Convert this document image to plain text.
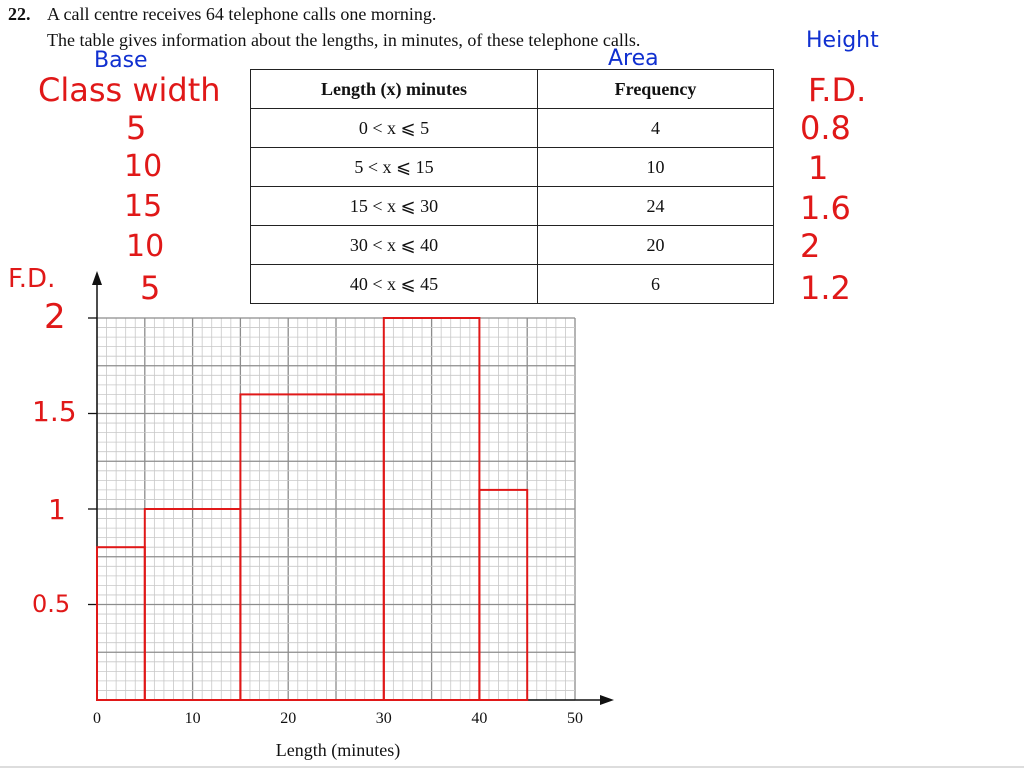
22. A call centre receives 64 telephone calls one morning.
The table gives information about the lengths, in minutes, of these telephone calls.
Length (x) minutes	Frequency
0 < x ⩽ 5	4
5 < x ⩽ 15	10
15 < x ⩽ 30	24
30 < x ⩽ 40	20
40 < x ⩽ 45	6
Base
Class width
5
10
15
10
5
Area
Height
F.D.
0.8
1
1.6
2
1.2
F.D.
2
1.5
1
0.5
0	10	20	30	40	50
Length (minutes)
